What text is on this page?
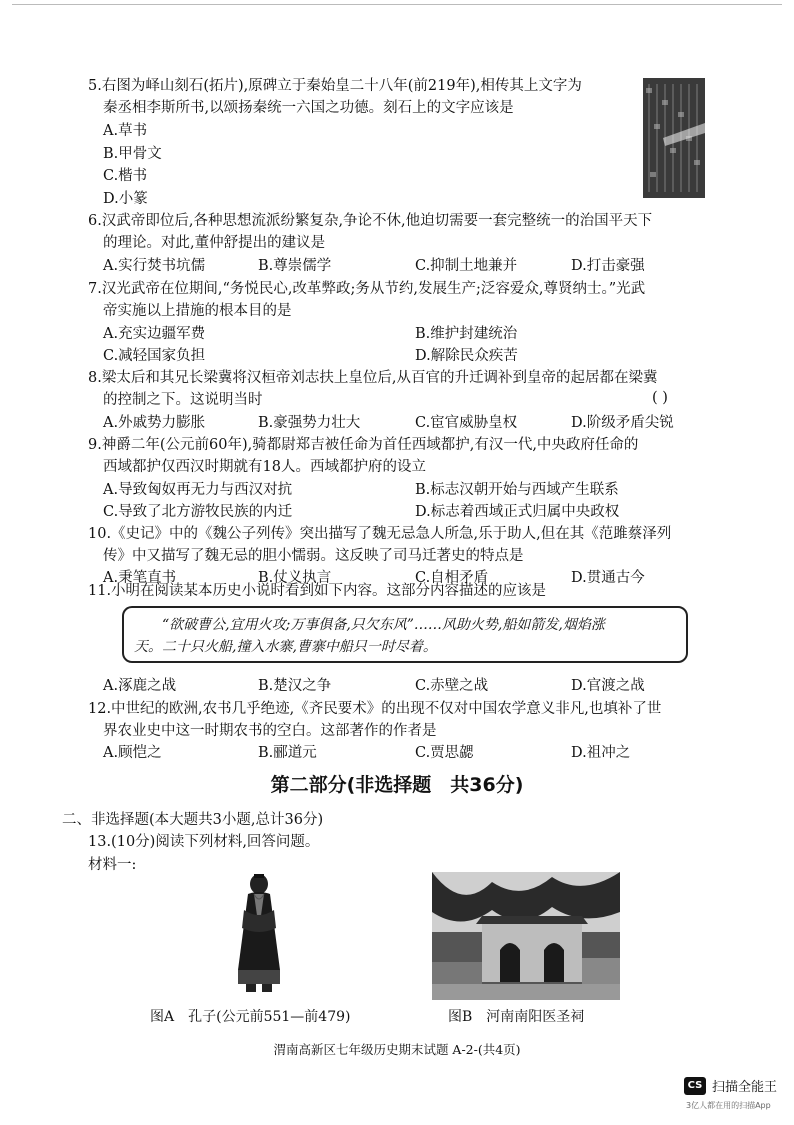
5.右图为峄山刻石(拓片),原碑立于秦始皇二十八年(前219年),相传其上文字为
秦丞相李斯所书,以颂扬秦统一六国之功德。刻石上的文字应该是
A.草书
B.甲骨文
C.楷书
D.小篆
6.汉武帝即位后,各种思想流派纷繁复杂,争论不休,他迫切需要一套完整统一的治国平天下
的理论。对此,董仲舒提出的建议是
A.实行焚书坑儒	B.尊崇儒学	C.抑制土地兼并	D.打击豪强
7.汉光武帝在位期间,“务悦民心,改革弊政;务从节约,发展生产;泛容爱众,尊贤纳士。”光武
帝实施以上措施的根本目的是
A.充实边疆军费	B.维护封建统治
C.减轻国家负担	D.解除民众疾苦
8.梁太后和其兄长梁冀将汉桓帝刘志扶上皇位后,从百官的升迁调补到皇帝的起居都在梁冀
的控制之下。这说明当时	( )
A.外戚势力膨胀	B.豪强势力壮大	C.宦官威胁皇权	D.阶级矛盾尖锐
9.神爵二年(公元前60年),骑都尉郑吉被任命为首任西域都护,有汉一代,中央政府任命的
西域都护仅西汉时期就有18人。西域都护府的设立
A.导致匈奴再无力与西汉对抗	B.标志汉朝开始与西域产生联系
C.导致了北方游牧民族的内迁	D.标志着西域正式归属中央政权
10.《史记》中的《魏公子列传》突出描写了魏无忌急人所急,乐于助人,但在其《范雎蔡泽列
传》中又描写了魏无忌的胆小懦弱。这反映了司马迁著史的特点是
A.秉笔直书	B.仗义执言	C.自相矛盾	D.贯通古今
11.小明在阅读某本历史小说时看到如下内容。这部分内容描述的应该是
“欲破曹公,宜用火攻;万事俱备,只欠东风”……风助火势,船如箭发,烟焰涨
天。二十只火船,撞入水寨,曹寨中船只一时尽着。
A.涿鹿之战	B.楚汉之争	C.赤壁之战	D.官渡之战
12.中世纪的欧洲,农书几乎绝迹,《齐民要术》的出现不仅对中国农学意义非凡,也填补了世
界农业史中这一时期农书的空白。这部著作的作者是
A.顾恺之	B.郦道元	C.贾思勰	D.祖冲之
第二部分(非选择题　共36分)
二、非选择题(本大题共3小题,总计36分)
13.(10分)阅读下列材料,回答问题。
材料一:
图A　孔子(公元前551—前479)	图B　河南南阳医圣祠
渭南高新区七年级历史期末试题 A-2-(共4页)
CS 扫描全能王
3亿人都在用的扫描App
